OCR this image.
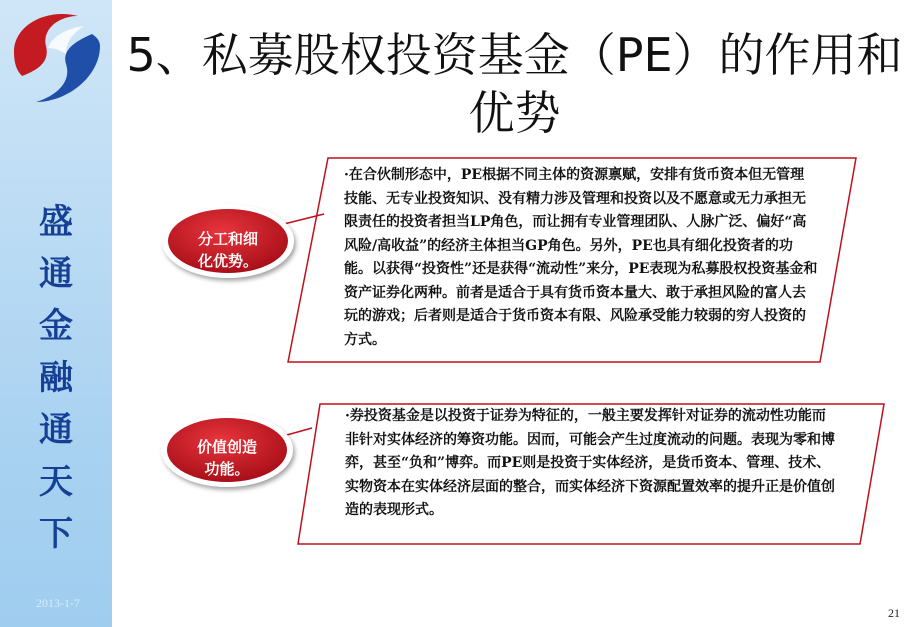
盛
通
金
融
通
天
下
2013-1-7
5、私募股权投资基金（PE）的作用和优势
分工和细
化优势。
价值创造
功能。
·在合伙制形态中，PE根据不同主体的资源禀赋，安排有货币资本但无管理技能、无专业投资知识、没有精力涉及管理和投资以及不愿意或无力承担无限责任的投资者担当LP角色，而让拥有专业管理团队、人脉广泛、偏好“高风险/高收益”的经济主体担当GP角色。另外，PE也具有细化投资者的功能。以获得“投资性”还是获得“流动性”来分，PE表现为私募股权投资基金和资产证券化两种。前者是适合于具有货币资本量大、敢于承担风险的富人去玩的游戏；后者则是适合于货币资本有限、风险承受能力较弱的穷人投资的方式。
·券投资基金是以投资于证券为特征的，一般主要发挥针对证券的流动性功能而非针对实体经济的筹资功能。因而，可能会产生过度流动的问题。表现为零和博弈，甚至“负和”博弈。而PE则是投资于实体经济，是货币资本、管理、技术、实物资本在实体经济层面的整合，而实体经济下资源配置效率的提升正是价值创造的表现形式。
21
